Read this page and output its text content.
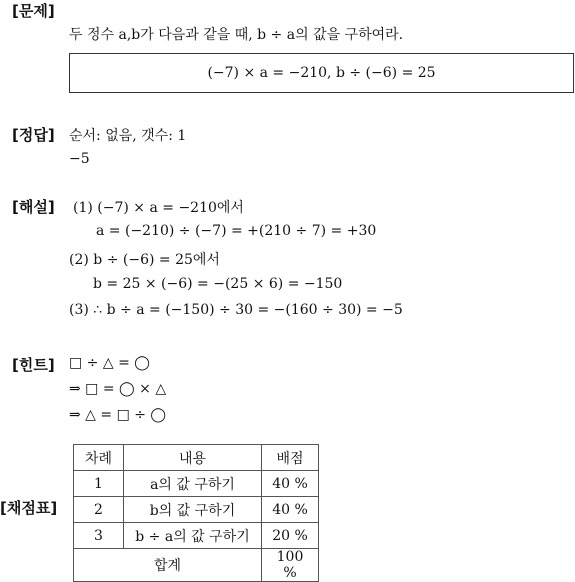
[문제]
두 정수 a,b가 다음과 같을 때, b ÷ a의 값을 구하여라.
(−7) × a = −210, b ÷ (−6) = 25
[정답] 순서: 없음, 갯수: 1
−5
[해설] (1) (−7) × a = −210에서
a = (−210) ÷ (−7) = +(210 ÷ 7) = +30
(2) b ÷ (−6) = 25에서
b = 25 × (−6) = −(25 × 6) = −150
(3) ∴ b ÷ a = (−150) ÷ 30 = −(160 ÷ 30) = −5
[힌트] □ ÷ △ = ◯
⇒ □ = ◯ × △
⇒ △ = □ ÷ ◯
[채점표]
차례	내용	배점
1	a의 값 구하기	40 %
2	b의 값 구하기	40 %
3	b ÷ a의 값 구하기	20 %
합계		100 %
